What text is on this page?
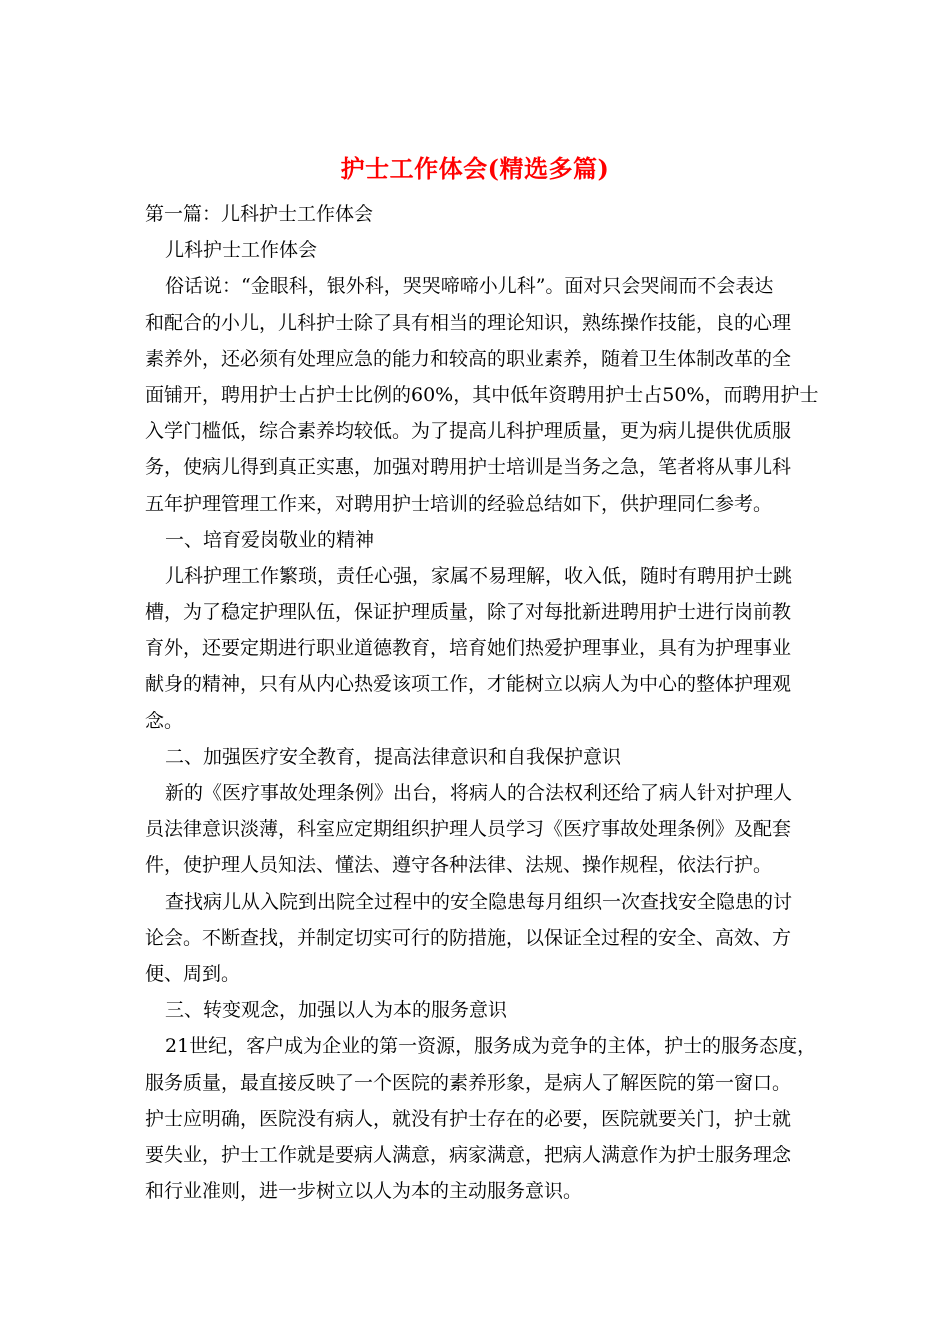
护士工作体会(精选多篇)
第一篇：儿科护士工作体会
儿科护士工作体会
俗话说：“金眼科，银外科，哭哭啼啼小儿科”。面对只会哭闹而不会表达
和配合的小儿，儿科护士除了具有相当的理论知识，熟练操作技能，良的心理
素养外，还必须有处理应急的能力和较高的职业素养，随着卫生体制改革的全
面铺开，聘用护士占护士比例的60%，其中低年资聘用护士占50%，而聘用护士
入学门槛低，综合素养均较低。为了提高儿科护理质量，更为病儿提供优质服
务，使病儿得到真正实惠，加强对聘用护士培训是当务之急，笔者将从事儿科
五年护理管理工作来，对聘用护士培训的经验总结如下，供护理同仁参考。
一、培育爱岗敬业的精神
儿科护理工作繁琐，责任心强，家属不易理解，收入低，随时有聘用护士跳
槽，为了稳定护理队伍，保证护理质量，除了对每批新进聘用护士进行岗前教
育外，还要定期进行职业道德教育，培育她们热爱护理事业，具有为护理事业
献身的精神，只有从内心热爱该项工作，才能树立以病人为中心的整体护理观
念。
二、加强医疗安全教育，提高法律意识和自我保护意识
新的《医疗事故处理条例》出台，将病人的合法权利还给了病人针对护理人
员法律意识淡薄，科室应定期组织护理人员学习《医疗事故处理条例》及配套
件，使护理人员知法、懂法、遵守各种法律、法规、操作规程，依法行护。
查找病儿从入院到出院全过程中的安全隐患每月组织一次查找安全隐患的讨
论会。不断查找，并制定切实可行的防措施，以保证全过程的安全、高效、方
便、周到。
三、转变观念，加强以人为本的服务意识
21世纪，客户成为企业的第一资源，服务成为竞争的主体，护士的服务态度，
服务质量，最直接反映了一个医院的素养形象，是病人了解医院的第一窗口。
护士应明确，医院没有病人，就没有护士存在的必要，医院就要关门，护士就
要失业，护士工作就是要病人满意，病家满意，把病人满意作为护士服务理念
和行业准则，进一步树立以人为本的主动服务意识。
